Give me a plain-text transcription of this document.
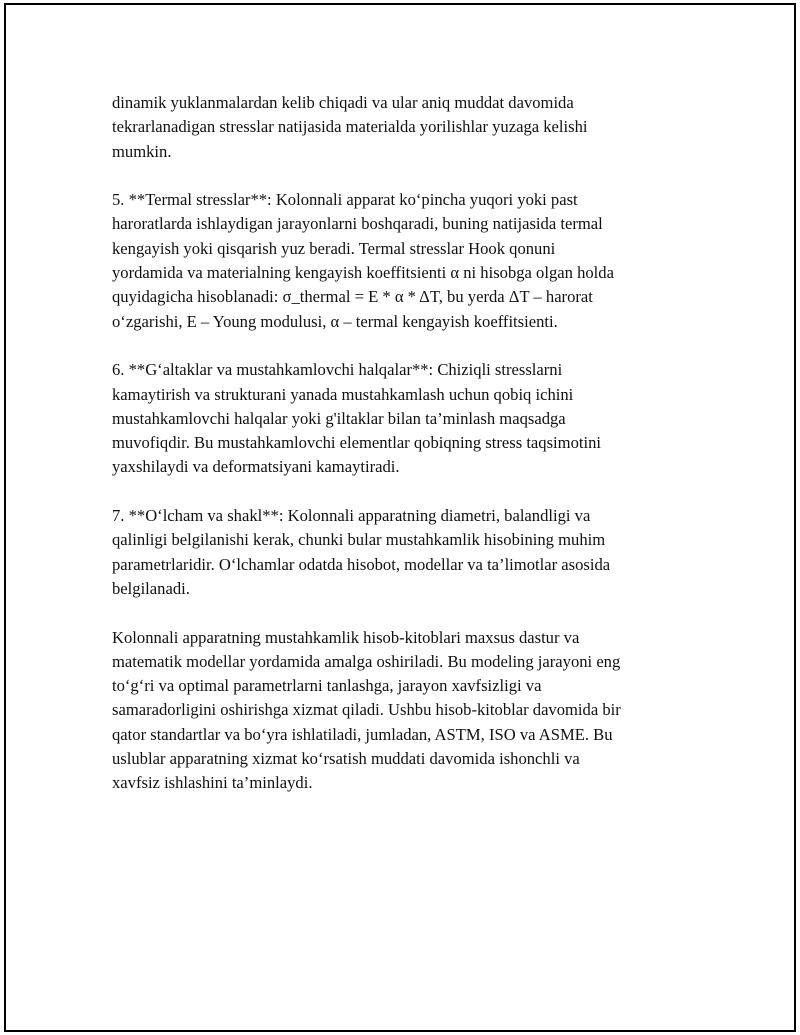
dinamik yuklanmalardan kelib chiqadi va ular aniq muddat davomida
tekrarlanadigan stresslar natijasida materialda yorilishlar yuzaga kelishi
mumkin.

5. **Termal stresslar**: Kolonnali apparat ko‘pincha yuqori yoki past
haroratlarda ishlaydigan jarayonlarni boshqaradi, buning natijasida termal
kengayish yoki qisqarish yuz beradi. Termal stresslar Hook qonuni
yordamida va materialning kengayish koeffitsienti α ni hisobga olgan holda
quyidagicha hisoblanadi: σ_thermal = E * α * ΔT, bu yerda ΔT – harorat
o‘zgarishi, E – Young modulusi, α – termal kengayish koeffitsienti.

6. **G‘altaklar va mustahkamlovchi halqalar**: Chiziqli stresslarni
kamaytirish va strukturani yanada mustahkamlash uchun qobiq ichini
mustahkamlovchi halqalar yoki g'iltaklar bilan ta’minlash maqsadga
muvofiqdir. Bu mustahkamlovchi elementlar qobiqning stress taqsimotini
yaxshilaydi va deformatsiyani kamaytiradi.

7. **O‘lcham va shakl**: Kolonnali apparatning diametri, balandligi va
qalinligi belgilanishi kerak, chunki bular mustahkamlik hisobining muhim
parametrlaridir. O‘lchamlar odatda hisobot, modellar va ta’limotlar asosida
belgilanadi.

Kolonnali apparatning mustahkamlik hisob-kitoblari maxsus dastur va
matematik modellar yordamida amalga oshiriladi. Bu modeling jarayoni eng
to‘g‘ri va optimal parametrlarni tanlashga, jarayon xavfsizligi va
samaradorligini oshirishga xizmat qiladi. Ushbu hisob-kitoblar davomida bir
qator standartlar va bo‘yra ishlatiladi, jumladan, ASTM, ISO va ASME. Bu
uslublar apparatning xizmat ko‘rsatish muddati davomida ishonchli va
xavfsiz ishlashini ta’minlaydi.
